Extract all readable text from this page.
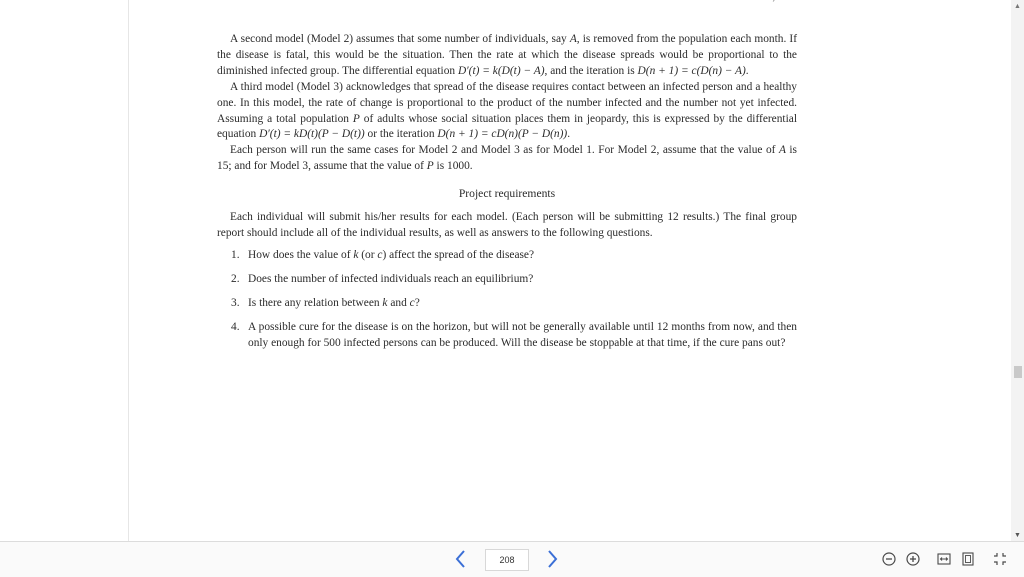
ʼ

A second model (Model 2) assumes that some number of individuals, say A, is removed from the population each month. If the disease is fatal, this would be the situation. Then the rate at which the disease spreads would be proportional to the diminished infected group. The differential equation D′(t) = k(D(t) − A), and the iteration is D(n + 1) = c(D(n) − A).

A third model (Model 3) acknowledges that spread of the disease requires contact between an infected person and a healthy one. In this model, the rate of change is proportional to the product of the number infected and the number not yet infected. Assuming a total population P of adults whose social situation places them in jeopardy, this is expressed by the differential equation D′(t) = kD(t)(P − D(t)) or the iteration D(n + 1) = cD(n)(P − D(n)).

Each person will run the same cases for Model 2 and Model 3 as for Model 1. For Model 2, assume that the value of A is 15; and for Model 3, assume that the value of P is 1000.

Project requirements

Each individual will submit his/her results for each model. (Each person will be submitting 12 results.) The final group report should include all of the individual results, as well as answers to the following questions.

1. How does the value of k (or c) affect the spread of the disease?
2. Does the number of infected individuals reach an equilibrium?
3. Is there any relation between k and c?
4. A possible cure for the disease is on the horizon, but will not be generally available until 12 months from now, and then only enough for 500 infected persons can be produced. Will the disease be stoppable at that time, if the cure pans out?
▲
▼
208
